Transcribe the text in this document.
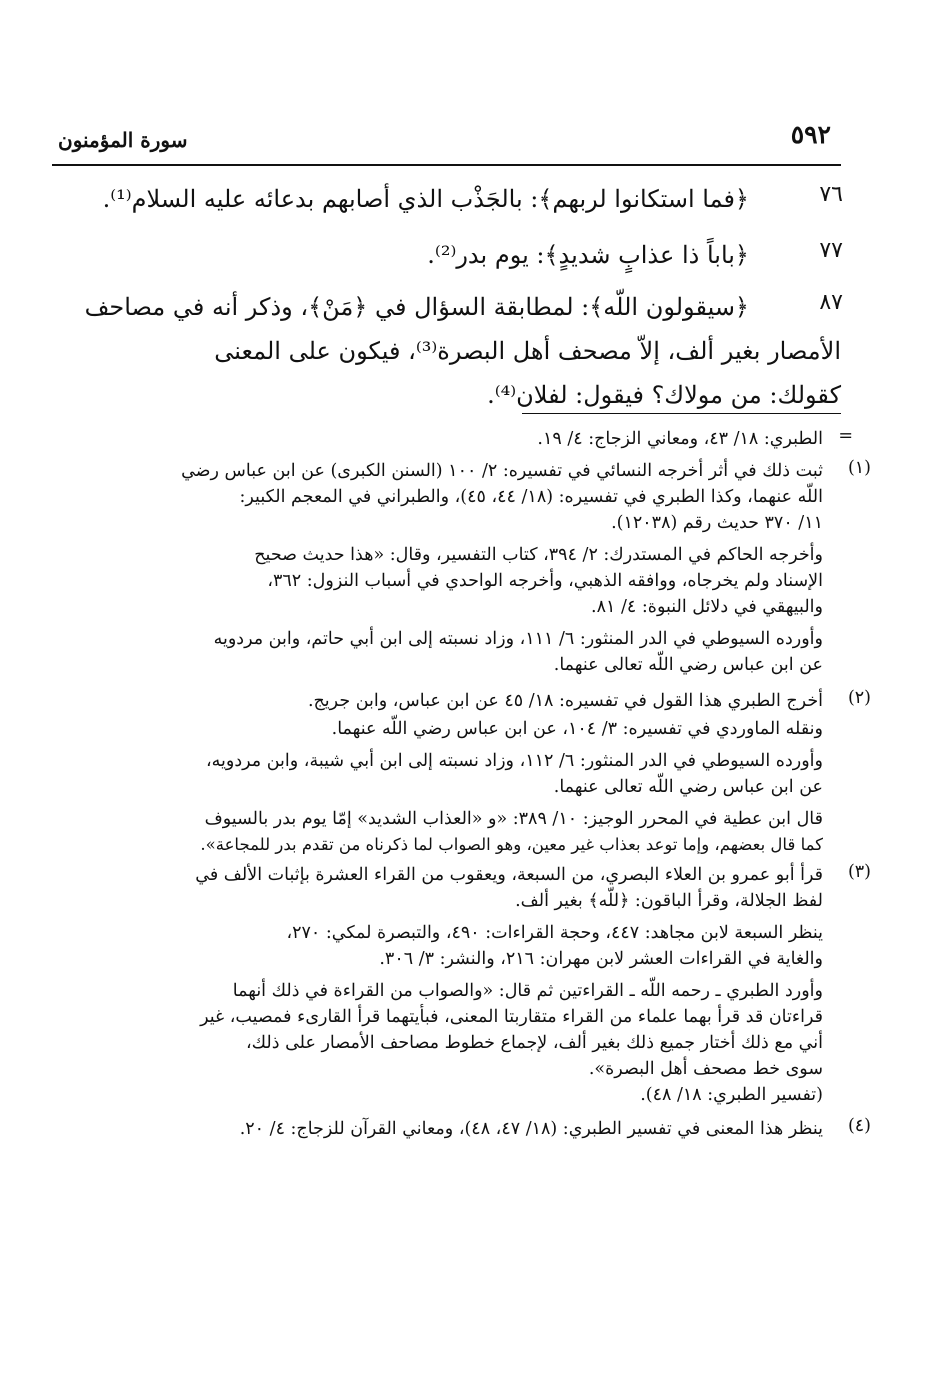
٥٩٢
سورة المؤمنون
٧٦
﴿فما استكانوا لربهم﴾: بالجَذْب الذي أصابهم بدعائه عليه السلام⁽¹⁾.
٧٧
﴿باباً ذا عذابٍ شديدٍ﴾: يوم بدر⁽²⁾.
٨٧
﴿سيقولون اللّه﴾: لمطابقة السؤال في ﴿مَنْ﴾، وذكر أنه في مصاحف
الأمصار بغير ألف، إلاّ مصحف أهل البصرة⁽³⁾، فيكون على المعنى
كقولك: من مولاك؟ فيقول: لفلان⁽⁴⁾.
=
الطبري: ١٨/ ٤٣، ومعاني الزجاج: ٤/ ١٩.
(١)
ثبت ذلك في أثر أخرجه النسائي في تفسيره: ٢/ ١٠٠ (السنن الكبرى) عن ابن عباس رضي
اللّه عنهما، وكذا الطبري في تفسيره: (١٨/ ٤٤، ٤٥)، والطبراني في المعجم الكبير:
١١/ ٣٧٠ حديث رقم (١٢٠٣٨).
وأخرجه الحاكم في المستدرك: ٢/ ٣٩٤، كتاب التفسير، وقال: «هذا حديث صحيح
الإسناد ولم يخرجاه، ووافقه الذهبي، وأخرجه الواحدي في أسباب النزول: ٣٦٢،
والبيهقي في دلائل النبوة: ٤/ ٨١.
وأورده السيوطي في الدر المنثور: ٦/ ١١١، وزاد نسبته إلى ابن أبي حاتم، وابن مردويه
عن ابن عباس رضي اللّه تعالى عنهما.
(٢)
أخرج الطبري هذا القول في تفسيره: ١٨/ ٤٥ عن ابن عباس، وابن جريج.
ونقله الماوردي في تفسيره: ٣/ ١٠٤، عن ابن عباس رضي اللّه عنهما.
وأورده السيوطي في الدر المنثور: ٦/ ١١٢، وزاد نسبته إلى ابن أبي شيبة، وابن مردويه،
عن ابن عباس رضي اللّه تعالى عنهما.
قال ابن عطية في المحرر الوجيز: ١٠/ ٣٨٩: «و «العذاب الشديد» إمّا يوم بدر بالسيوف
كما قال بعضهم، وإما توعد بعذاب غير معين، وهو الصواب لما ذكرناه من تقدم بدر للمجاعة».
(٣)
قرأ أبو عمرو بن العلاء البصري، من السبعة، ويعقوب من القراء العشرة بإثبات الألف في
لفظ الجلالة، وقرأ الباقون: ﴿للّه﴾ بغير ألف.
ينظر السبعة لابن مجاهد: ٤٤٧، وحجة القراءات: ٤٩٠، والتبصرة لمكي: ٢٧٠،
والغاية في القراءات العشر لابن مهران: ٢١٦، والنشر: ٣/ ٣٠٦.
وأورد الطبري ـ رحمه اللّه ـ القراءتين ثم قال: «والصواب من القراءة في ذلك أنهما
قراءتان قد قرأ بهما علماء من القراء متقاربتا المعنى، فبأيتهما قرأ القارىء فمصيب، غير
أني مع ذلك أختار جميع ذلك بغير ألف، لإجماع خطوط مصاحف الأمصار على ذلك،
سوى خط مصحف أهل البصرة».
(تفسير الطبري: ١٨/ ٤٨).
(٤)
ينظر هذا المعنى في تفسير الطبري: (١٨/ ٤٧، ٤٨)، ومعاني القرآن للزجاج: ٤/ ٢٠.
